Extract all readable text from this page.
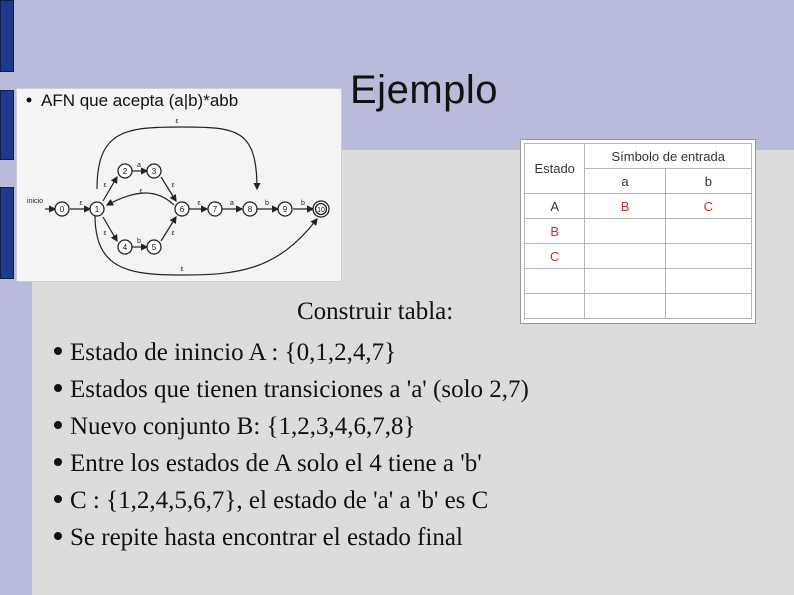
Ejemplo
AFN que acepta (a|b)*abb
0	1
2	3
4	5
6	7	8	9	10
inicio
a
b
a	b	b
ε
ε
ε
ε
ε
ε
ε
ε
ε
Estado	Símbolo de entrada	
	a	b
A	B	C
B		
C		

Construir tabla:
Estado de inincio A : {0,1,2,4,7}
Estados que tienen transiciones a 'a' (solo 2,7)
Nuevo conjunto B: {1,2,3,4,6,7,8}
Entre los estados de A solo el 4 tiene a 'b'
C : {1,2,4,5,6,7}, el estado de 'a' a 'b' es C
Se repite hasta encontrar el estado final
